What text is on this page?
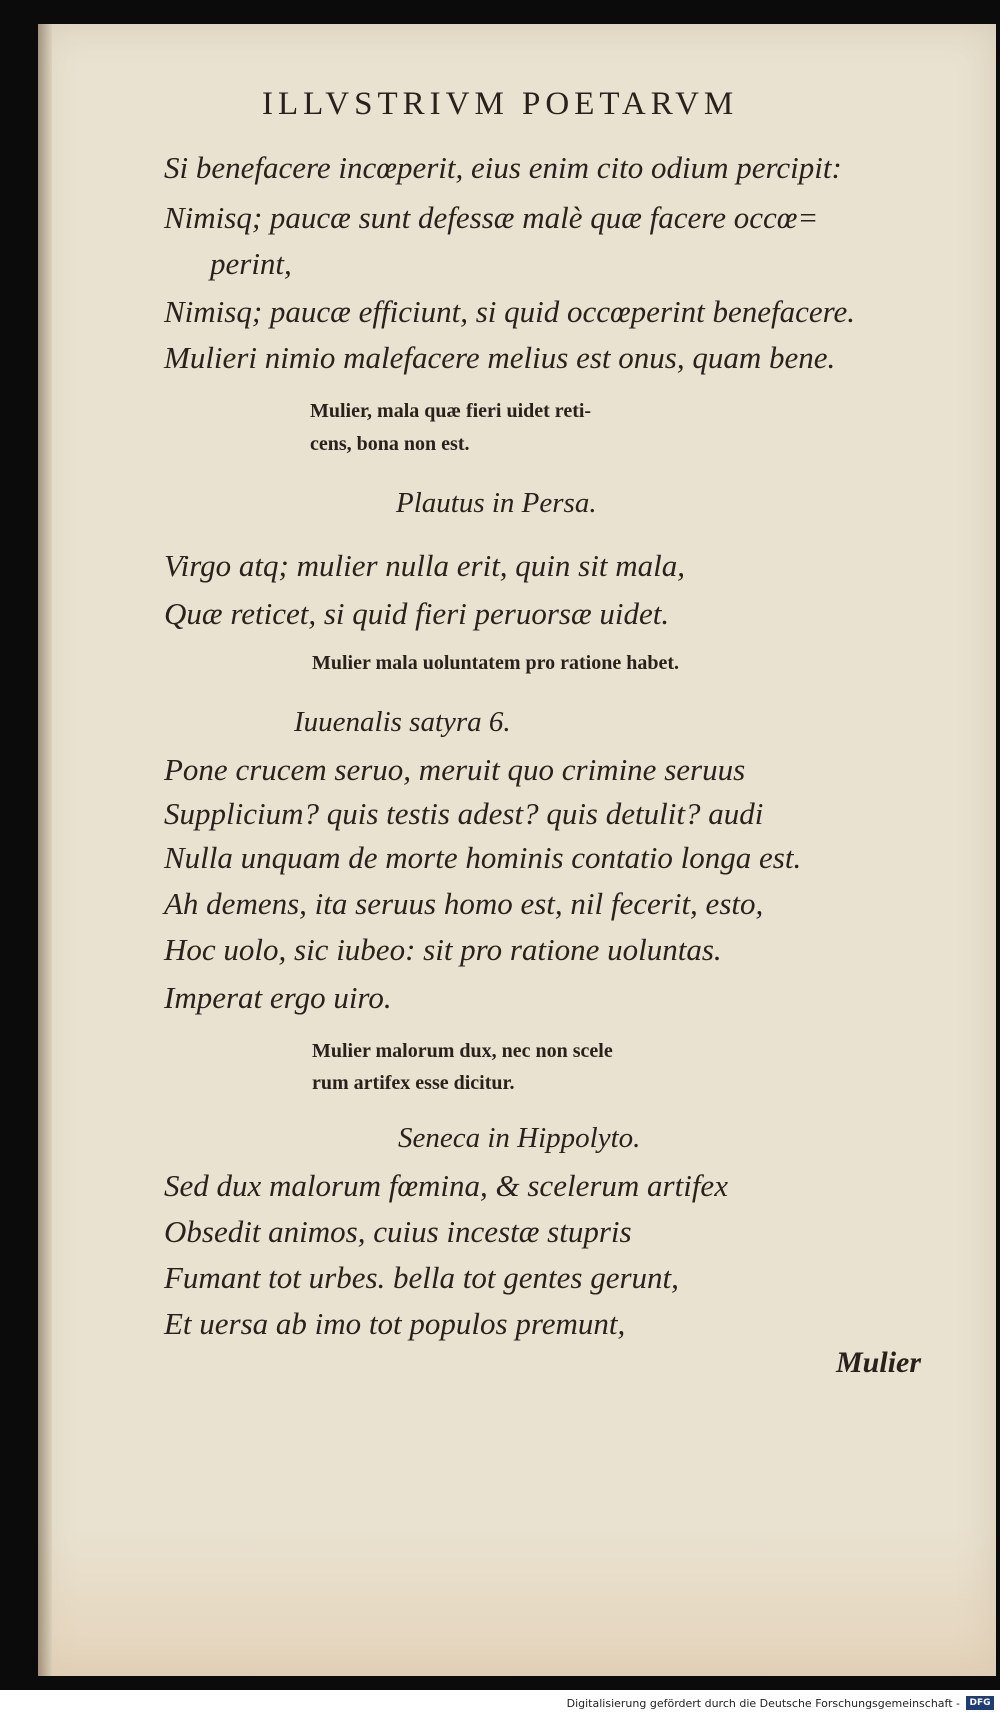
ILLVSTRIVM POETARVM
Si benefacere incœperit, eius enim cito odium percipit:
Nimisq; paucæ sunt defessæ malè quæ facere occœ=
perint,
Nimisq; paucæ efficiunt, si quid occœperint benefacere.
Mulieri nimio malefacere melius est onus, quam bene.
Mulier, mala quæ fieri uidet reti-
cens, bona non est.
Plautus in Persa.
Virgo atq; mulier nulla erit, quin sit mala,
Quæ reticet, si quid fieri peruorsæ uidet.
Mulier mala uoluntatem pro ratione habet.
Iuuenalis satyra 6.
Pone crucem seruo, meruit quo crimine seruus
Supplicium? quis testis adest? quis detulit? audi
Nulla unquam de morte hominis contatio longa est.
Ah demens, ita seruus homo est, nil fecerit, esto,
Hoc uolo, sic iubeo: sit pro ratione uoluntas.
Imperat ergo uiro.
Mulier malorum dux, nec non scele
rum artifex esse dicitur.
Seneca in Hippolyto.
Sed dux malorum fœmina, & scelerum artifex
Obsedit animos, cuius incestæ stupris
Fumant tot urbes. bella tot gentes gerunt,
Et uersa ab imo tot populos premunt,
Mulier
Digitalisierung gefördert durch die Deutsche Forschungsgemeinschaft -	DFG
